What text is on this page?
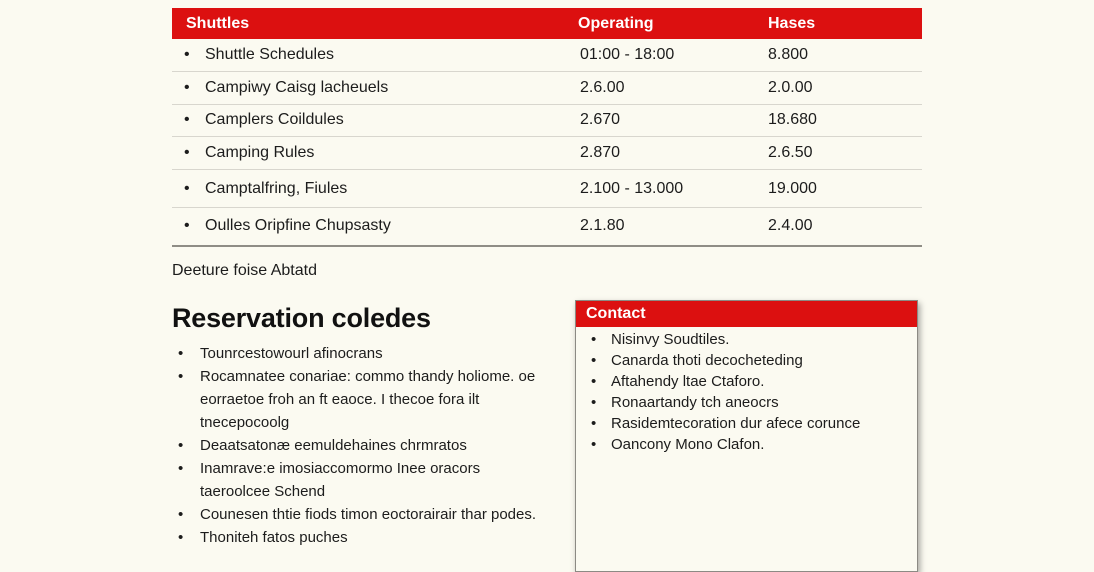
Shuttles	Operating	Hases
• Shuttle Schedules	01:00 - 18:00	8.800
• Campiwy Caisg lacheuels	2.6.00	2.0.00
• Camplers Coildules	2.670	18.680
• Camping Rules	2.870	2.6.50
• Camptalfring, Fiules	2.100 - 13.000	19.000
• Oulles Oripfine Chupsasty	2.1.80	2.4.00
Deeture foise Abtatd
Reservation coledes
• Tounrcestowourl afinocrans
• Rocamnatee conariae: commo thandy holiome. oe eorraetoe froh an ft eaoce. I thecoe fora ilt tnecepocoolg
• Deaatsatonæ eemuldehaines chrmratos
• Inamrave:e imosiaccomormo Inee oracors taeroolcee Schend
• Counesen thtie fiods timon eoctorairair thar podes.
• Thoniteh fatos puches
Contact
• Nisinvy Soudtiles.
• Canarda thoti decocheteding
• Aftahendy ltae Ctaforo.
• Ronaartandy tch aneocrs
• Rasidemtecoration dur afece corunce
• Oancony Mono Clafon.
